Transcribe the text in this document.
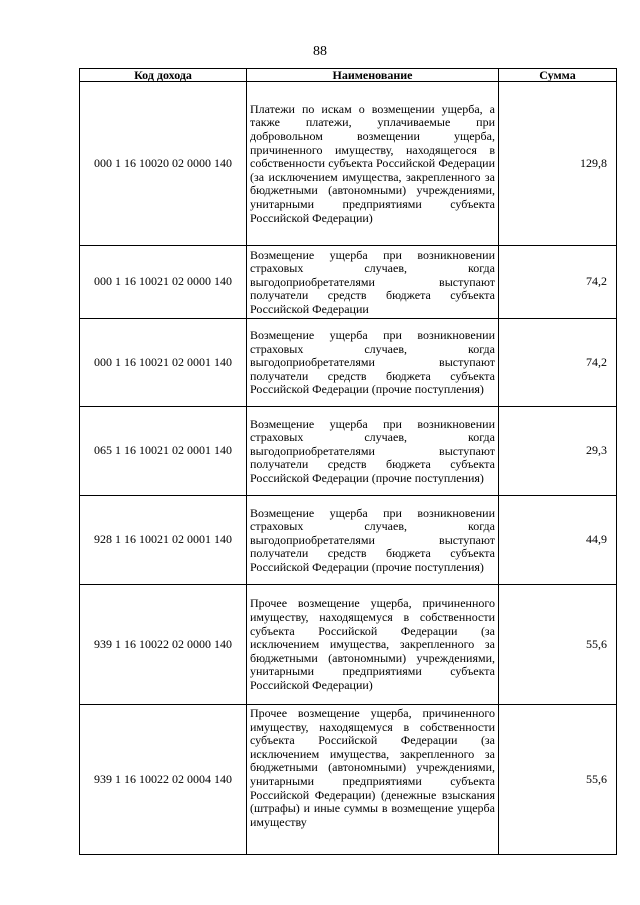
88
Код дохода	Наименование	Сумма
000 1 16 10020 02 0000 140	Платежи по искам о возмещении ущерба, а также платежи, уплачиваемые при добровольном возмещении ущерба, причиненного имуществу, находящегося в собственности субъекта Российской Федерации (за исключением имущества, закрепленного за бюджетными (автономными) учреждениями, унитарными предприятиями субъекта Российской Федерации)	129,8
000 1 16 10021 02 0000 140	Возмещение ущерба при возникновении страховых случаев, когда выгодоприобретателями выступают получатели средств бюджета субъекта Российской Федерации	74,2
000 1 16 10021 02 0001 140	Возмещение ущерба при возникновении страховых случаев, когда выгодоприобретателями выступают получатели средств бюджета субъекта Российской Федерации (прочие поступления)	74,2
065 1 16 10021 02 0001 140	Возмещение ущерба при возникновении страховых случаев, когда выгодоприобретателями выступают получатели средств бюджета субъекта Российской Федерации (прочие поступления)	29,3
928 1 16 10021 02 0001 140	Возмещение ущерба при возникновении страховых случаев, когда выгодоприобретателями выступают получатели средств бюджета субъекта Российской Федерации (прочие поступления)	44,9
939 1 16 10022 02 0000 140	Прочее возмещение ущерба, причиненного имуществу, находящемуся в собственности субъекта Российской Федерации (за исключением имущества, закрепленного за бюджетными (автономными) учреждениями, унитарными предприятиями субъекта Российской Федерации)	55,6
939 1 16 10022 02 0004 140	Прочее возмещение ущерба, причиненного имуществу, находящемуся в собственности субъекта Российской Федерации (за исключением имущества, закрепленного за бюджетными (автономными) учреждениями, унитарными предприятиями субъекта Российской Федерации) (денежные взыскания (штрафы) и иные суммы в возмещение ущерба имуществу	55,6
